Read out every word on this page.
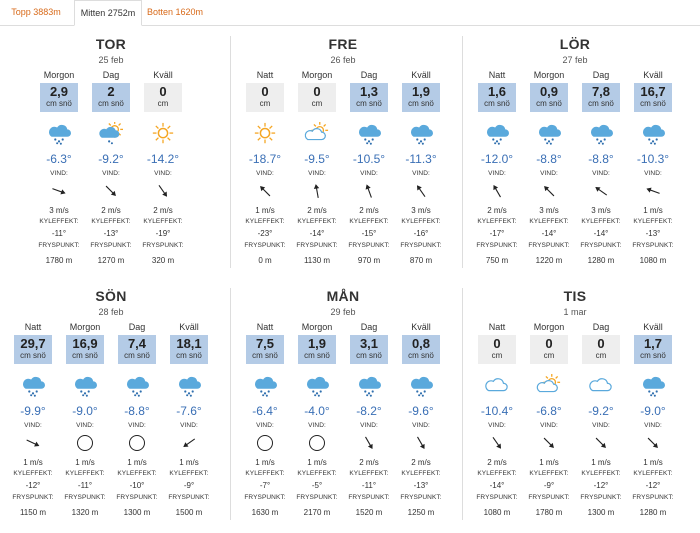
Topp 3883m	Mitten 2752m	Botten 1620m
TOR
25 feb
Morgon
2,9
cm snö
-6.3°
VIND:
3 m/s
KYLEFFEKT:
-11°
FRYSPUNKT:
1780 m
Dag
2
cm snö
-9.2°
VIND:
2 m/s
KYLEFFEKT:
-13°
FRYSPUNKT:
1270 m
Kväll
0
cm
-14.2°
VIND:
2 m/s
KYLEFFEKT:
-19°
FRYSPUNKT:
320 m
FRE
26 feb
Natt
0
cm
-18.7°
VIND:
1 m/s
KYLEFFEKT:
-23°
FRYSPUNKT:
0 m
Morgon
0
cm
-9.5°
VIND:
2 m/s
KYLEFFEKT:
-14°
FRYSPUNKT:
1130 m
Dag
1,3
cm snö
-10.5°
VIND:
2 m/s
KYLEFFEKT:
-15°
FRYSPUNKT:
970 m
Kväll
1,9
cm snö
-11.3°
VIND:
3 m/s
KYLEFFEKT:
-16°
FRYSPUNKT:
870 m
LÖR
27 feb
Natt
1,6
cm snö
-12.0°
VIND:
2 m/s
KYLEFFEKT:
-17°
FRYSPUNKT:
750 m
Morgon
0,9
cm snö
-8.8°
VIND:
3 m/s
KYLEFFEKT:
-14°
FRYSPUNKT:
1220 m
Dag
7,8
cm snö
-8.8°
VIND:
3 m/s
KYLEFFEKT:
-14°
FRYSPUNKT:
1280 m
Kväll
16,7
cm snö
-10.3°
VIND:
1 m/s
KYLEFFEKT:
-13°
FRYSPUNKT:
1080 m
SÖN
28 feb
Natt
29,7
cm snö
-9.9°
VIND:
1 m/s
KYLEFFEKT:
-12°
FRYSPUNKT:
1150 m
Morgon
16,9
cm snö
-9.0°
VIND:
1 m/s
KYLEFFEKT:
-11°
FRYSPUNKT:
1320 m
Dag
7,4
cm snö
-8.8°
VIND:
1 m/s
KYLEFFEKT:
-10°
FRYSPUNKT:
1300 m
Kväll
18,1
cm snö
-7.6°
VIND:
1 m/s
KYLEFFEKT:
-9°
FRYSPUNKT:
1500 m
MÅN
29 feb
Natt
7,5
cm snö
-6.4°
VIND:
1 m/s
KYLEFFEKT:
-7°
FRYSPUNKT:
1630 m
Morgon
1,9
cm snö
-4.0°
VIND:
1 m/s
KYLEFFEKT:
-5°
FRYSPUNKT:
2170 m
Dag
3,1
cm snö
-8.2°
VIND:
2 m/s
KYLEFFEKT:
-11°
FRYSPUNKT:
1520 m
Kväll
0,8
cm snö
-9.6°
VIND:
2 m/s
KYLEFFEKT:
-13°
FRYSPUNKT:
1250 m
TIS
1 mar
Natt
0
cm
-10.4°
VIND:
2 m/s
KYLEFFEKT:
-14°
FRYSPUNKT:
1080 m
Morgon
0
cm
-6.8°
VIND:
1 m/s
KYLEFFEKT:
-9°
FRYSPUNKT:
1780 m
Dag
0
cm
-9.2°
VIND:
1 m/s
KYLEFFEKT:
-12°
FRYSPUNKT:
1300 m
Kväll
1,7
cm snö
-9.0°
VIND:
1 m/s
KYLEFFEKT:
-12°
FRYSPUNKT:
1280 m
